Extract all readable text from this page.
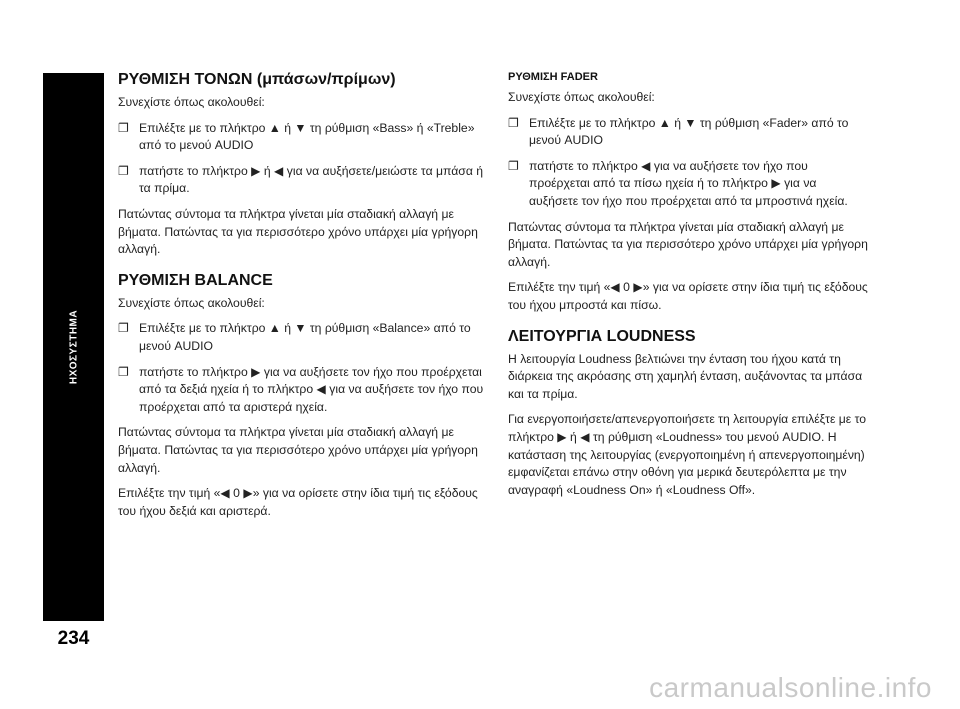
ΗΧΟΣΥΣΤΗΜΑ
234
ΡΥΘΜΙΣΗ ΤΟΝΩΝ (μπάσων/πρίμων)

Συνεχίστε όπως ακολουθεί:

❐ Επιλέξτε με το πλήκτρο ▲ ή ▼ τη ρύθμιση «Bass» ή «Treble» από το μενού AUDIO
❐ πατήστε το πλήκτρο ▶ ή ◀ για να αυξήσετε/μειώστε τα μπάσα ή τα πρίμα.

Πατώντας σύντομα τα πλήκτρα γίνεται μία σταδιακή αλλαγή με βήματα. Πατώντας τα για περισσότερο χρόνο υπάρχει μία γρήγορη αλλαγή.

ΡΥΘΜΙΣΗ BALANCE

Συνεχίστε όπως ακολουθεί:

❐ Επιλέξτε με το πλήκτρο ▲ ή ▼ τη ρύθμιση «Balance» από το μενού AUDIO
❐ πατήστε το πλήκτρο ▶ για να αυξήσετε τον ήχο που προέρχεται από τα δεξιά ηχεία ή το πλήκτρο ◀ για να αυξήσετε τον ήχο που προέρχεται από τα αριστερά ηχεία.

Πατώντας σύντομα τα πλήκτρα γίνεται μία σταδιακή αλλαγή με βήματα. Πατώντας τα για περισσότερο χρόνο υπάρχει μία γρήγορη αλλαγή.

Επιλέξτε την τιμή «◀ 0 ▶» για να ορίσετε στην ίδια τιμή τις εξόδους του ήχου δεξιά και αριστερά.

ΡΥΘΜΙΣΗ FADER

Συνεχίστε όπως ακολουθεί:

❐ Επιλέξτε με το πλήκτρο ▲ ή ▼ τη ρύθμιση «Fader» από το μενού AUDIO
❐ πατήστε το πλήκτρο ◀ για να αυξήσετε τον ήχο που προέρχεται από τα πίσω ηχεία ή το πλήκτρο ▶ για να αυξήσετε τον ήχο που προέρχεται από τα μπροστινά ηχεία.

Πατώντας σύντομα τα πλήκτρα γίνεται μία σταδιακή αλλαγή με βήματα. Πατώντας τα για περισσότερο χρόνο υπάρχει μία γρήγορη αλλαγή.

Επιλέξτε την τιμή «◀ 0 ▶» για να ορίσετε στην ίδια τιμή τις εξόδους του ήχου μπροστά και πίσω.

ΛΕΙΤΟΥΡΓΙΑ LOUDNESS

Η λειτουργία Loudness βελτιώνει την ένταση του ήχου κατά τη διάρκεια της ακρόασης στη χαμηλή ένταση, αυξάνοντας τα μπάσα και τα πρίμα.

Για ενεργοποιήσετε/απενεργοποιήσετε τη λειτουργία επιλέξτε με το πλήκτρο ▶ ή ◀ τη ρύθμιση «Loudness» του μενού AUDIO. Η κατάσταση της λειτουργίας (ενεργοποιημένη ή απενεργοποιημένη) εμφανίζεται επάνω στην οθόνη για μερικά δευτερόλεπτα με την αναγραφή «Loudness On» ή «Loudness Off».

carmanualsonline.info
